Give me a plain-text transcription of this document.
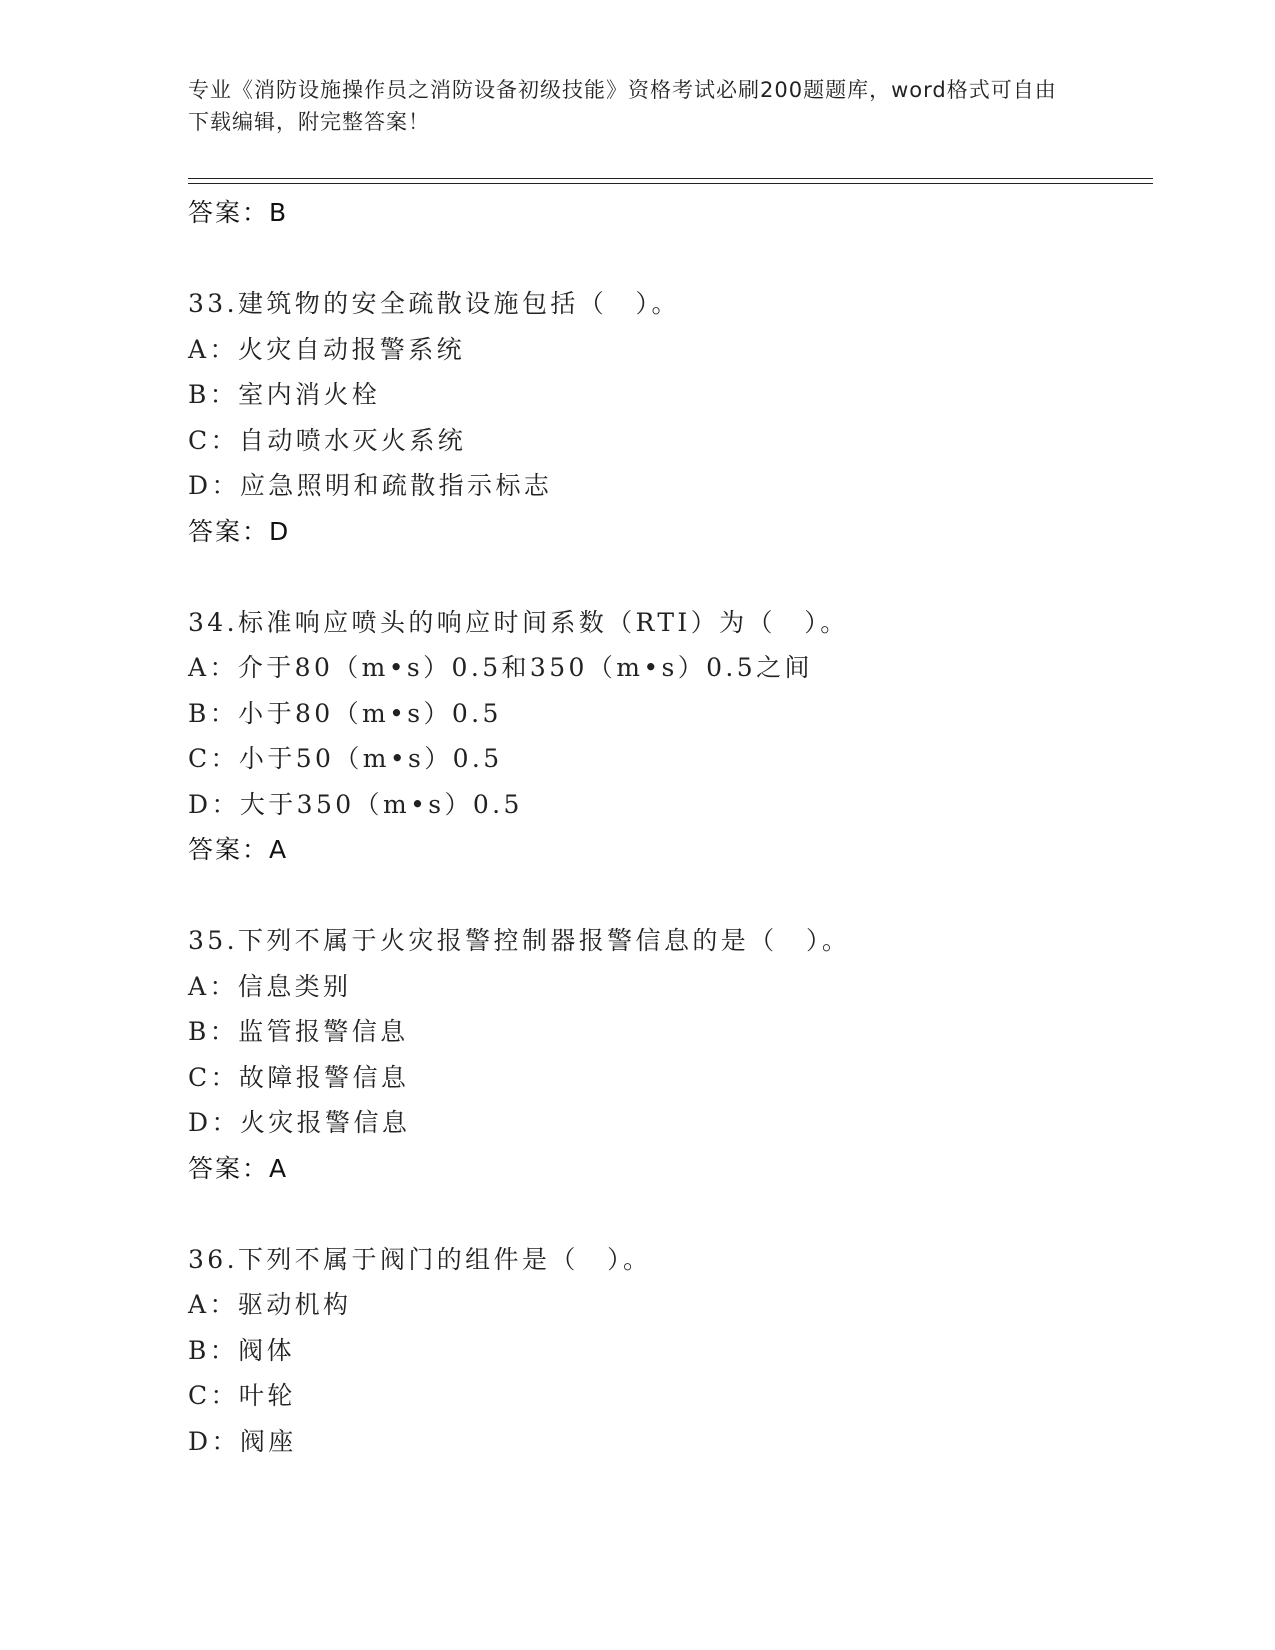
专业《消防设施操作员之消防设备初级技能》资格考试必刷200题题库，word格式可自由下载编辑，附完整答案！
答案：B
33.建筑物的安全疏散设施包括（　）。
A：火灾自动报警系统
B：室内消火栓
C：自动喷水灭火系统
D：应急照明和疏散指示标志
答案：D
34.标准响应喷头的响应时间系数（RTI）为（　）。
A：介于80（m•s）0.5和350（m•s）0.5之间
B：小于80（m•s）0.5
C：小于50（m•s）0.5
D：大于350（m•s）0.5
答案：A
35.下列不属于火灾报警控制器报警信息的是（　）。
A：信息类别
B：监管报警信息
C：故障报警信息
D：火灾报警信息
答案：A
36.下列不属于阀门的组件是（　）。
A：驱动机构
B：阀体
C：叶轮
D：阀座
